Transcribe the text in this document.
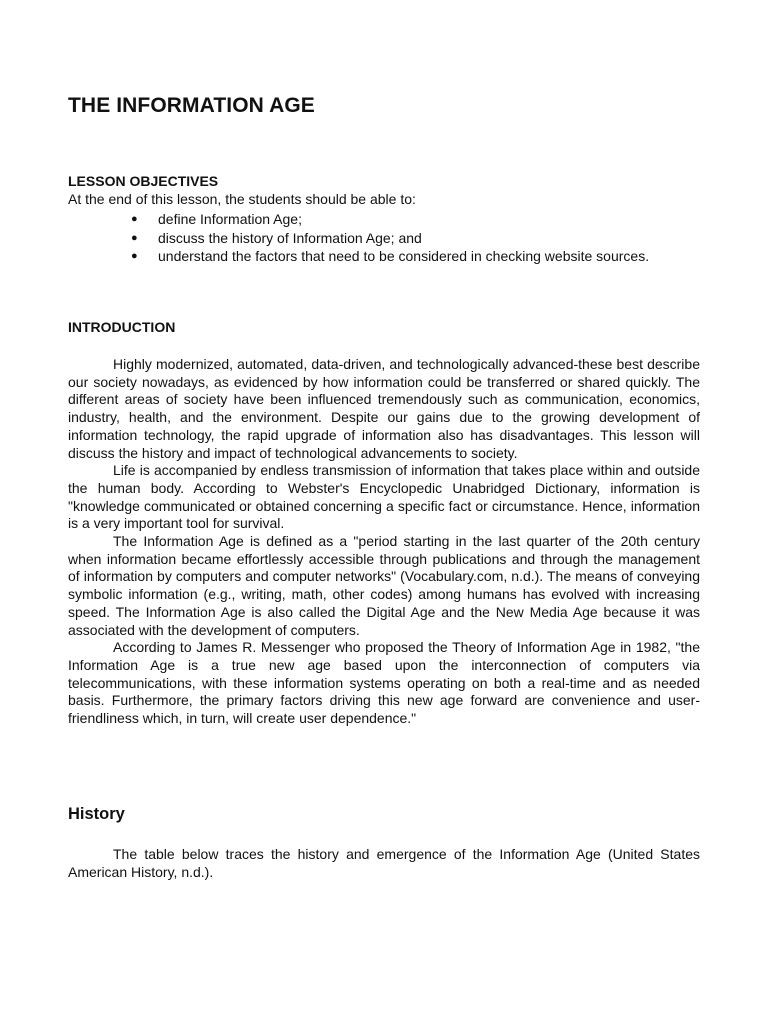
THE INFORMATION AGE
LESSON OBJECTIVES

At the end of this lesson, the students should be able to:

● define Information Age;
● discuss the history of Information Age; and
● understand the factors that need to be considered in checking website sources.
INTRODUCTION

Highly modernized, automated, data-driven, and technologically advanced-these best describe our society nowadays, as evidenced by how information could be transferred or shared quickly. The different areas of society have been influenced tremendously such as communication, economics, industry, health, and the environment. Despite our gains due to the growing development of information technology, the rapid upgrade of information also has disadvantages. This lesson will discuss the history and impact of technological advancements to society.

Life is accompanied by endless transmission of information that takes place within and outside the human body. According to Webster's Encyclopedic Unabridged Dictionary, information is "knowledge communicated or obtained concerning a specific fact or circumstance. Hence, information is a very important tool for survival.

The Information Age is defined as a "period starting in the last quarter of the 20th century when information became effortlessly accessible through publications and through the management of information by computers and computer networks" (Vocabulary.com, n.d.). The means of conveying symbolic information (e.g., writing, math, other codes) among humans has evolved with increasing speed. The Information Age is also called the Digital Age and the New Media Age because it was associated with the development of computers.

According to James R. Messenger who proposed the Theory of Information Age in 1982, "the Information Age is a true new age based upon the interconnection of computers via telecommunications, with these information systems operating on both a real-time and as needed basis. Furthermore, the primary factors driving this new age forward are convenience and user-friendliness which, in turn, will create user dependence."

History

The table below traces the history and emergence of the Information Age (United States American History, n.d.).
